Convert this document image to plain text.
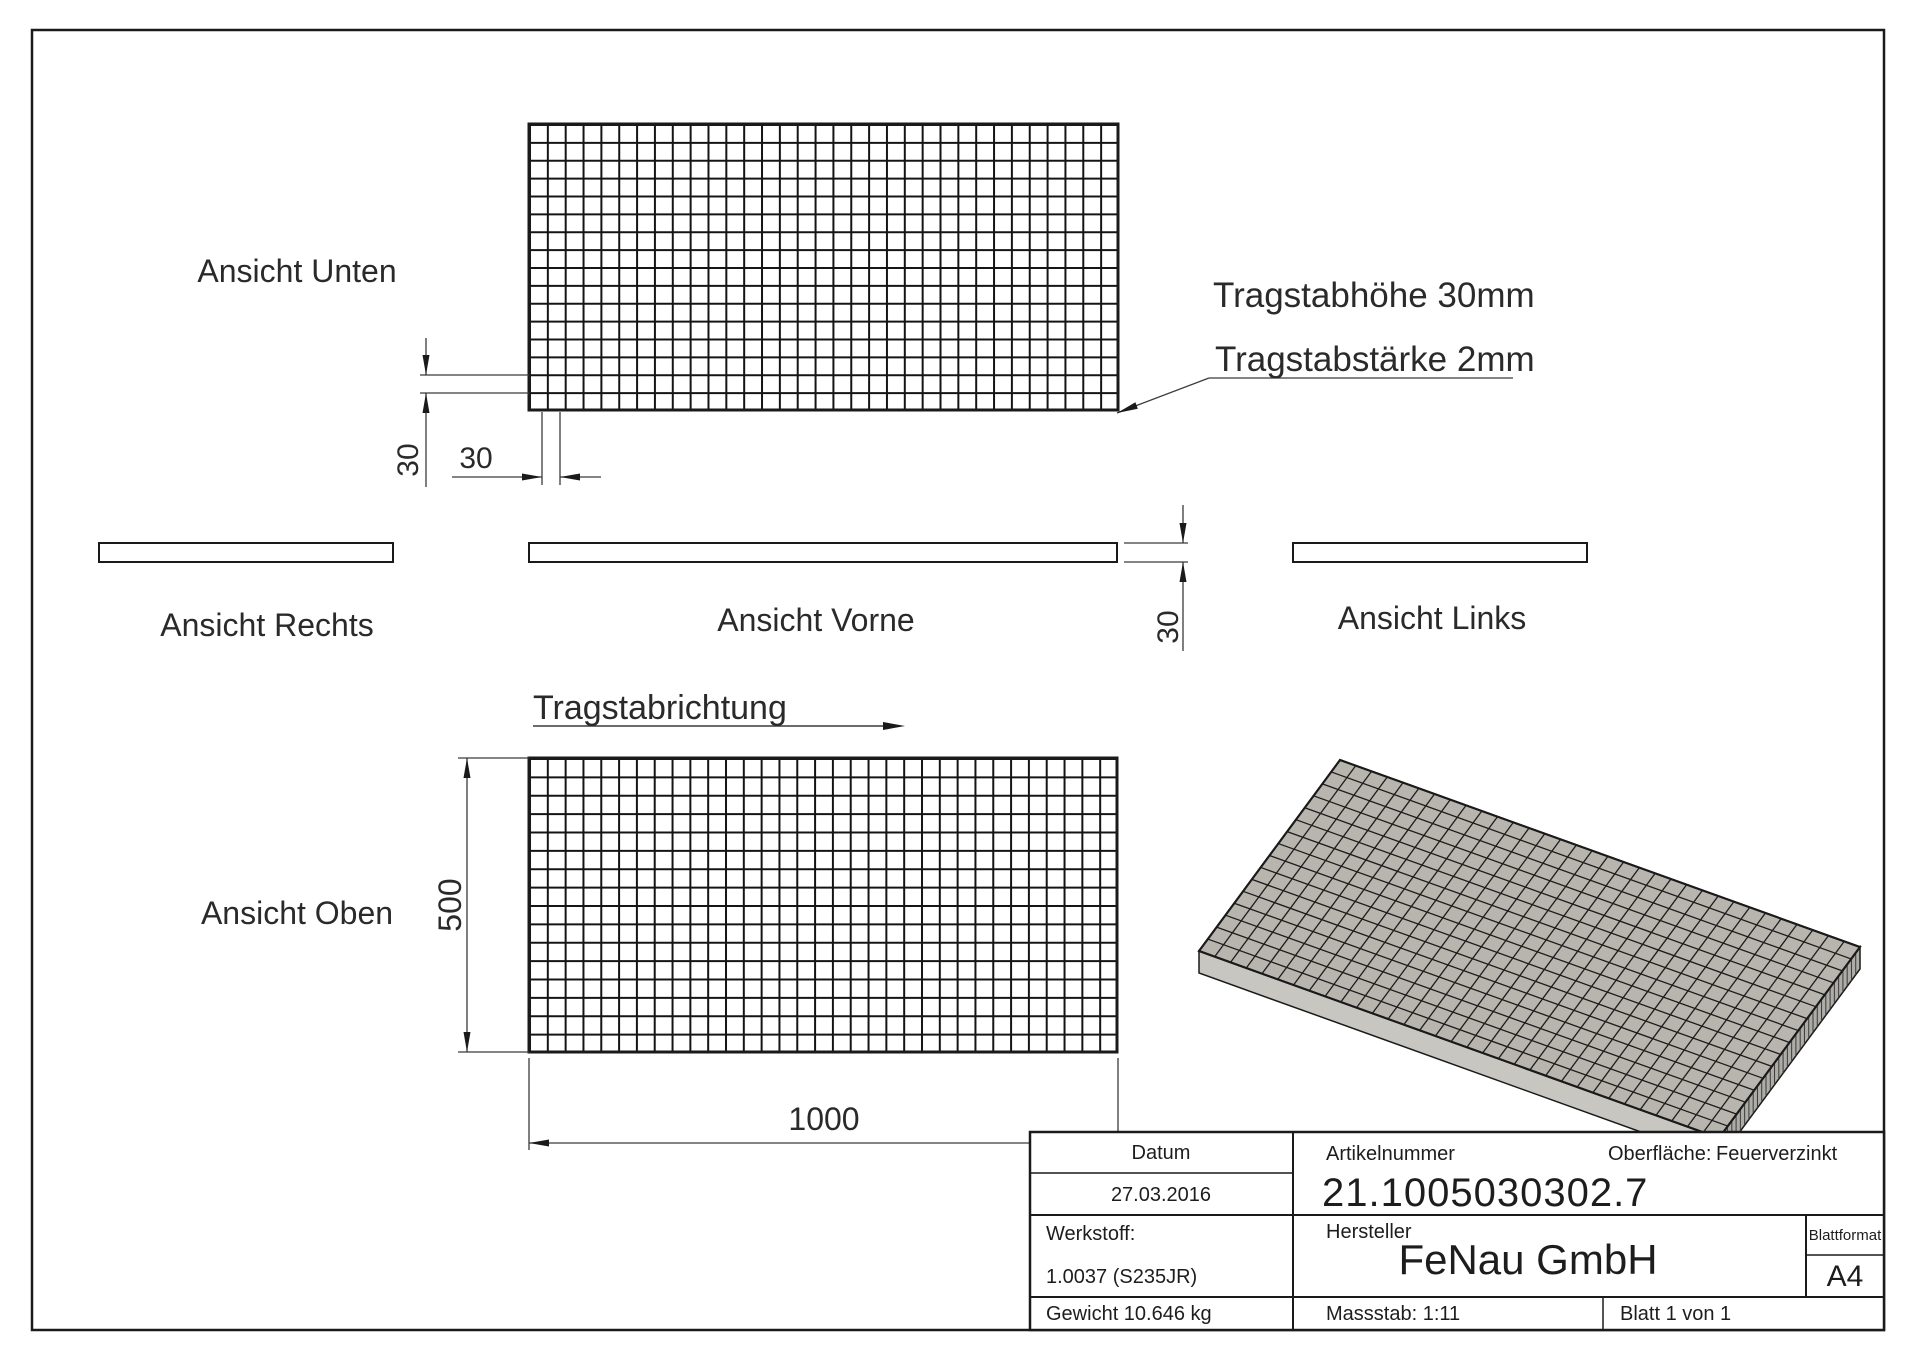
Ansicht Unten
Ansicht Rechts	Ansicht Vorne	Ansicht Links
Ansicht Oben
Tragstabhöhe 30mm
Tragstabstärke 2mm
Tragstabrichtung
30 30
30
500
1000
Datum
27.03.2016
Artikelnummer
21.1005030302.7
Oberfläche: Feuerverzinkt
Werkstoff:
1.0037 (S235JR)
Hersteller
FeNau GmbH
Blattformat
A4
Gewicht 10.646 kg	Massstab: 1:11	Blatt 1 von 1
